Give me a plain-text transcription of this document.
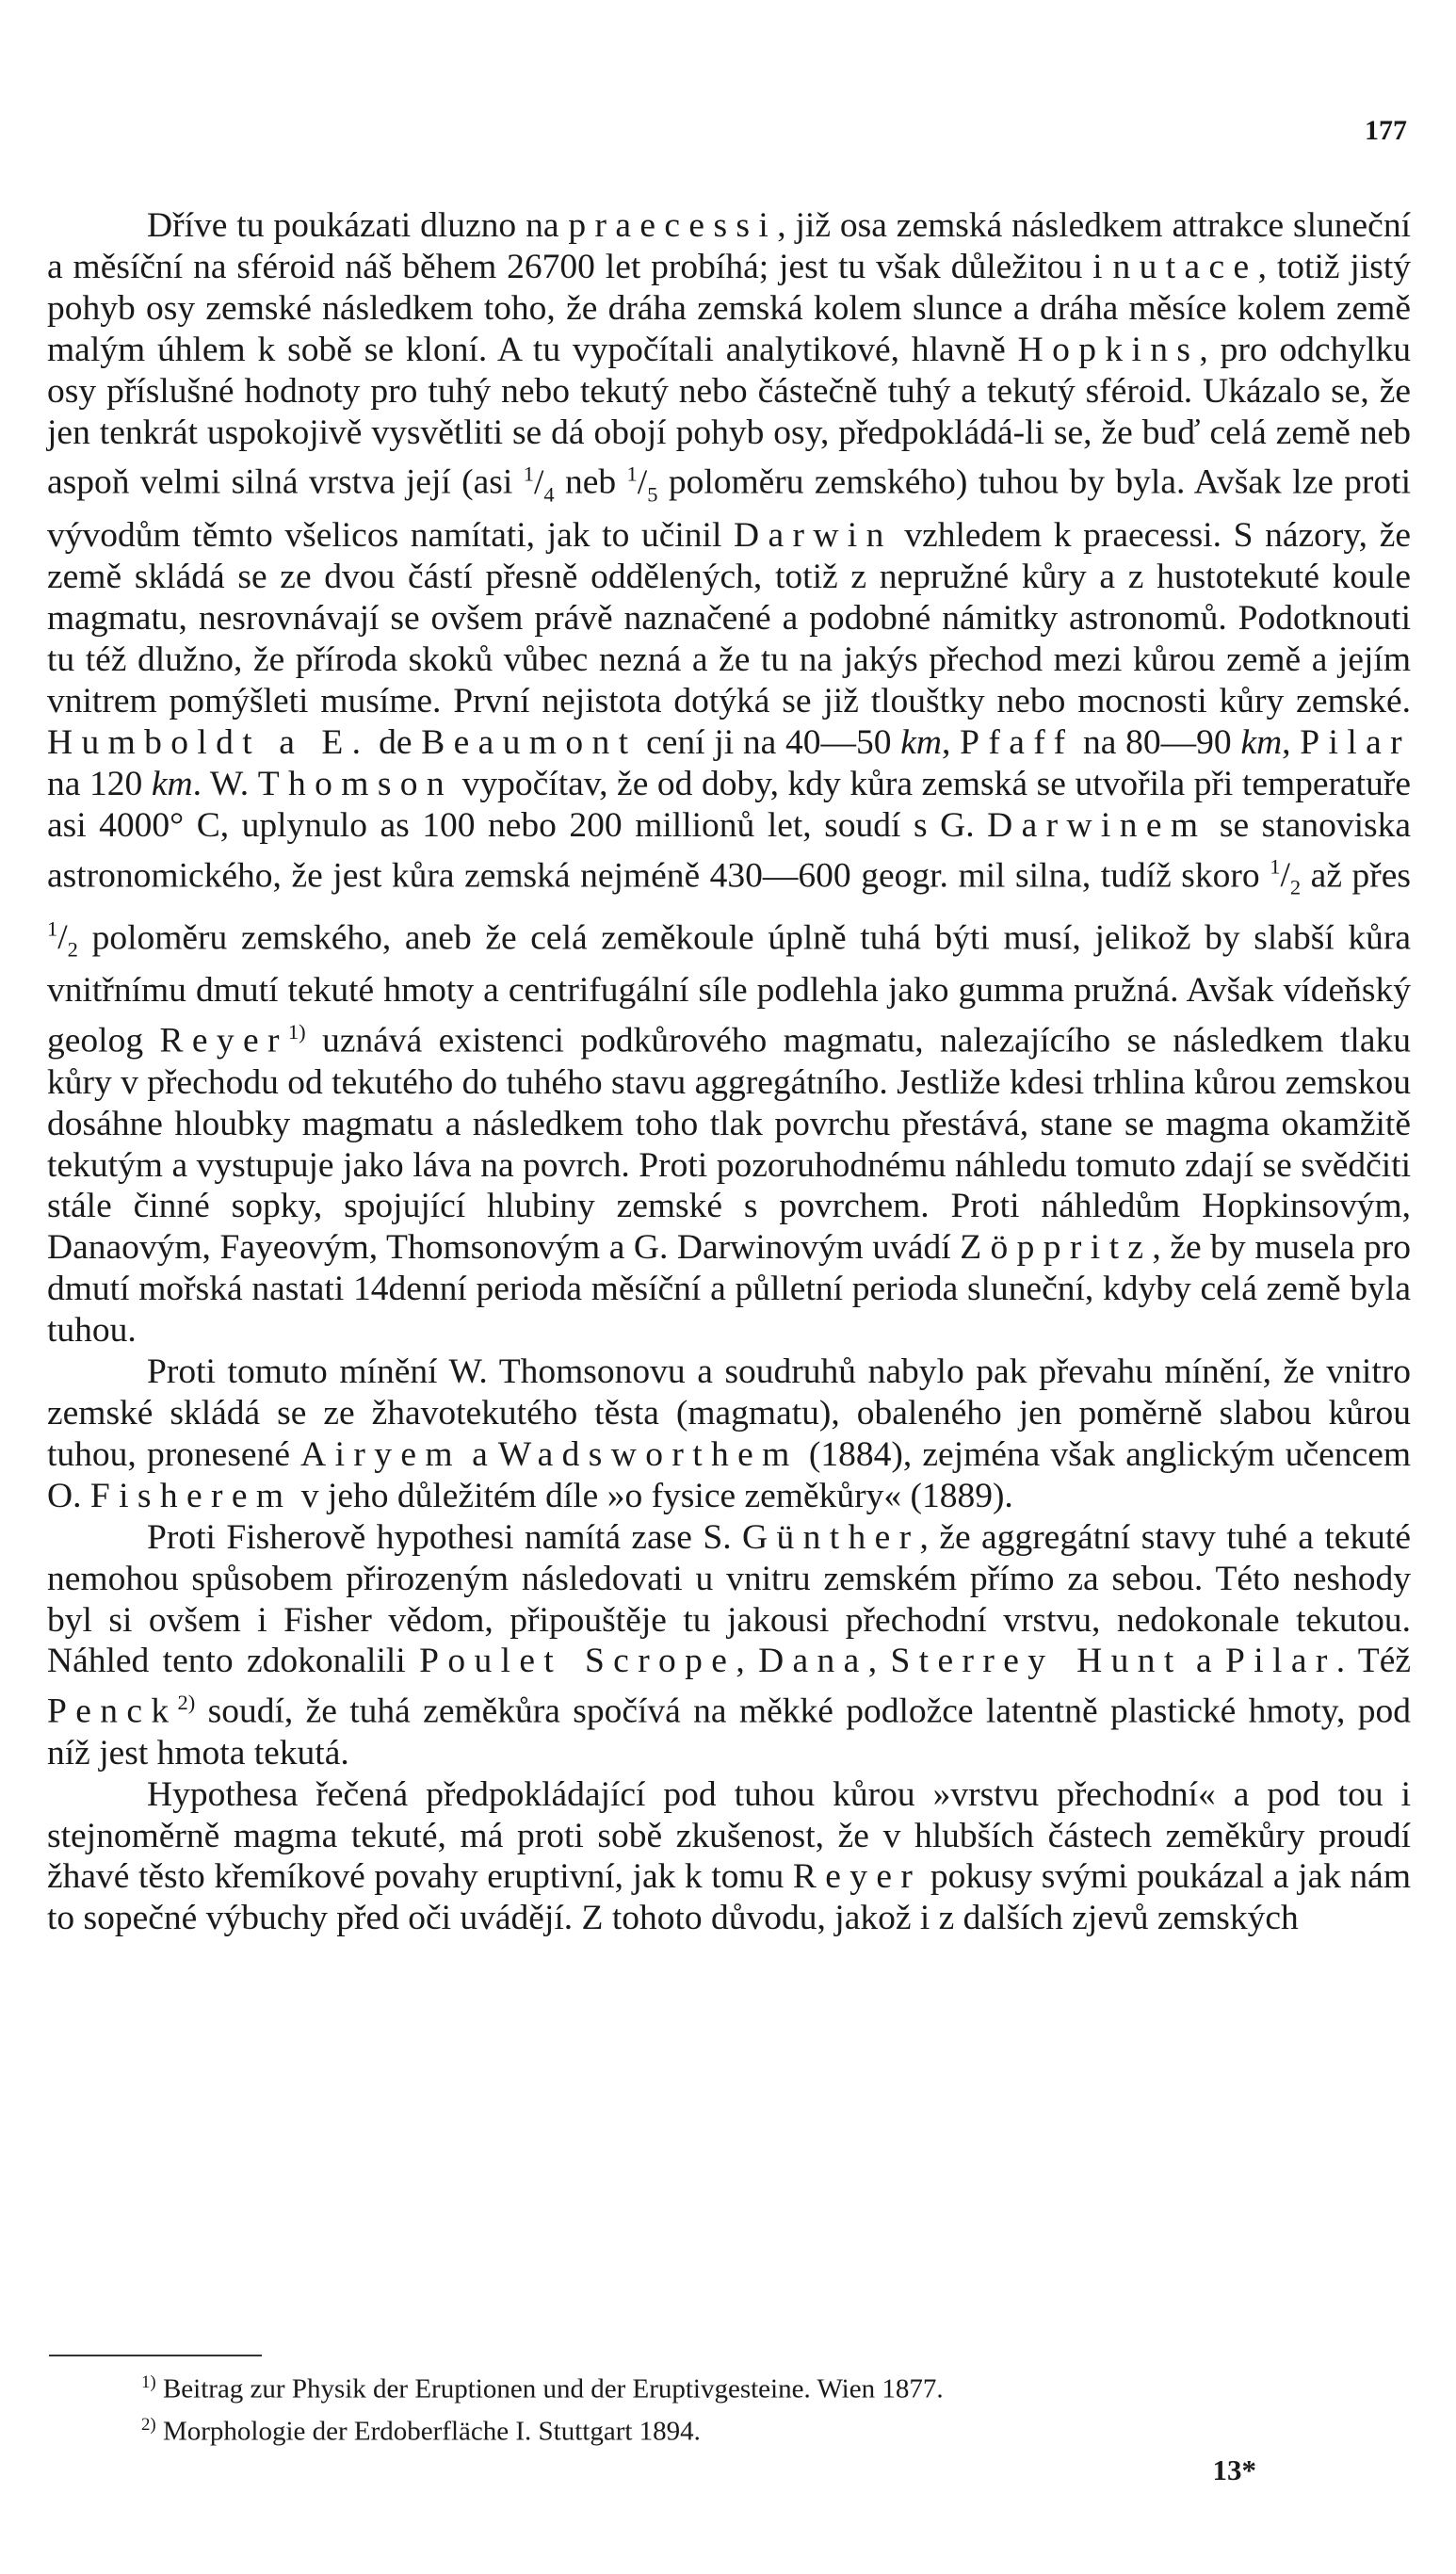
177

Dříve tu poukázati dluzno na praecessi, již osa zemská následkem attrakce sluneční a měsíční na sféroid náš během 26700 let probíhá; jest tu však důležitou i nutace, totiž jistý pohyb osy zemské následkem toho, že dráha zemská kolem slunce a dráha měsíce kolem země malým úhlem k sobě se kloní. A tu vypočítali analytikové, hlavně Hopkins, pro odchylku osy příslušné hodnoty pro tuhý nebo tekutý nebo částečně tuhý a tekutý sféroid. Ukázalo se, že jen tenkrát uspokojivě vysvětliti se dá obojí pohyb osy, předpokládá-li se, že buď celá země neb aspoň velmi silná vrstva její (asi $^1/_4$ neb $^1/_5$ poloměru zemského) tuhou by byla. Avšak lze proti vývodům těmto všelicos namítati, jak to učinil Darwin vzhledem k praecessi. S názory, že země skládá se ze dvou částí přesně oddělených, totiž z nepružné kůry a z hustotekuté koule magmatu, nesrovnávají se ovšem právě naznačené a podobné námitky astronomů. Podotknouti tu též dlužno, že příroda skoků vůbec nezná a že tu na jakýs přechod mezi kůrou země a jejím vnitrem pomýšleti musíme. První nejistota dotýká se již tlouštky nebo mocnosti kůry zemské. Humboldt a E. de Beaumont cení ji na 40—50 km, Pfaff na 80—90 km, Pilar na 120 km. W. Thomson vypočítav, že od doby, kdy kůra zemská se utvořila při temperatuře asi 4000° C, uplynulo as 100 nebo 200 millionů let, soudí s G. Darwinem se stanoviska astronomického, že jest kůra zemská nejméně 430—600 geogr. mil silna, tudíž skoro $^1/_2$ až přes $^1/_2$ poloměru zemského, aneb že celá zeměkoule úplně tuhá býti musí, jelikož by slabší kůra vnitřnímu dmutí tekuté hmoty a centrifugální síle podlehla jako gumma pružná. Avšak vídeňský geolog Reyer$^{1)}$ uznává existenci podkůrového magmatu, nalezajícího se následkem tlaku kůry v přechodu od tekutého do tuhého stavu aggregátního. Jestliže kdesi trhlina kůrou zemskou dosáhne hloubky magmatu a následkem toho tlak povrchu přestává, stane se magma okamžitě tekutým a vystupuje jako láva na povrch. Proti pozoruhodnému náhledu tomuto zdají se svědčiti stále činné sopky, spojující hlubiny zemské s povrchem. Proti náhledům Hopkinsovým, Danaovým, Fayeovým, Thomsonovým a G. Darwinovým uvádí Zöppritz, že by musela pro dmutí mořská nastati 14denní perioda měsíční a půlletní perioda sluneční, kdyby celá země byla tuhou.

Proti tomuto mínění W. Thomsonovu a soudruhů nabylo pak převahu mínění, že vnitro zemské skládá se ze žhavotekutého těsta (magmatu), obaleného jen poměrně slabou kůrou tuhou, pronesené Airyem a Wadsworthem (1884), zejména však anglickým učencem O. Fisherem v jeho důležitém díle »o fysice zeměkůry« (1889).

Proti Fisherově hypothesi namítá zase S. Günther, že aggregátní stavy tuhé a tekuté nemohou spůsobem přirozeným následovati u vnitru zemském přímo za sebou. Této neshody byl si ovšem i Fisher vědom, připouštěje tu jakousi přechodní vrstvu, nedokonale tekutou. Náhled tento zdokonalili Poulet Scrope, Dana, Sterrey Hunt a Pilar. Též Penck$^{2)}$ soudí, že tuhá zeměkůra spočívá na měkké podložce latentně plastické hmoty, pod níž jest hmota tekutá.

Hypothesa řečená předpokládající pod tuhou kůrou »vrstvu přechodní« a pod tou i stejnoměrně magma tekuté, má proti sobě zkušenost, že v hlubších částech zeměkůry proudí žhavé těsto křemíkové povahy eruptivní, jak k tomu Reyer pokusy svými poukázal a jak nám to sopečné výbuchy před oči uvádějí. Z tohoto důvodu, jakož i z dalších zjevů zemských

$^{1)}$ Beitrag zur Physik der Eruptionen und der Eruptivgesteine. Wien 1877.
$^{2)}$ Morphologie der Erdoberfläche I. Stuttgart 1894.
13*
